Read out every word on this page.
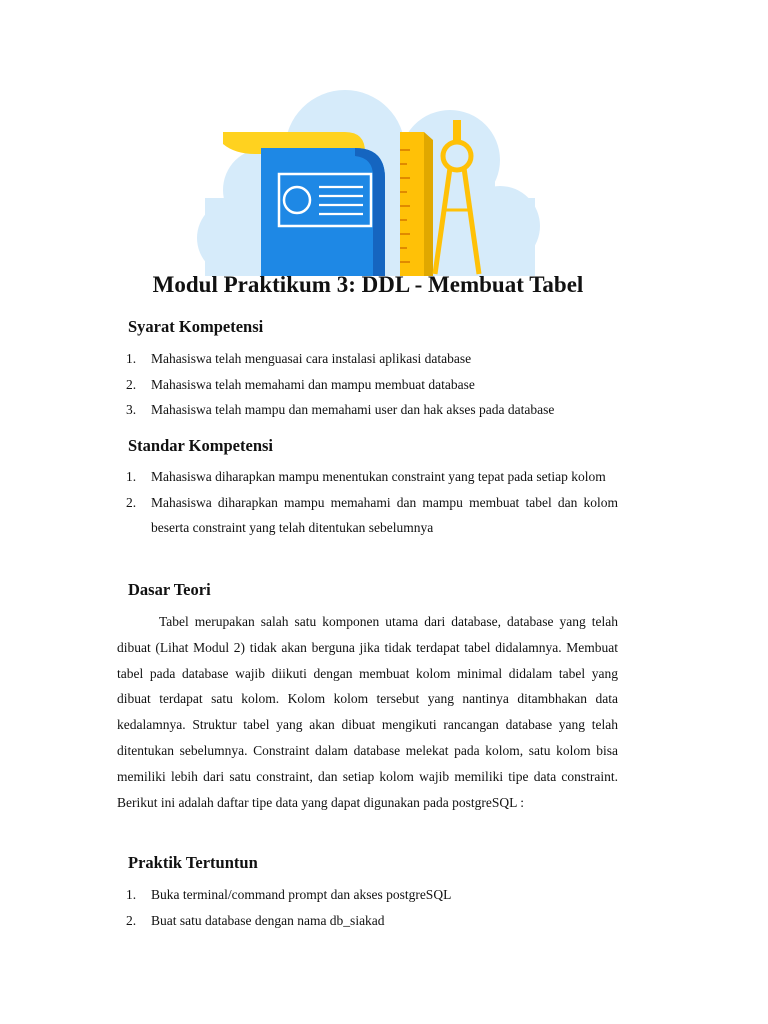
Modul Praktikum 3: DDL - Membuat Tabel
Syarat Kompetensi
1. Mahasiswa telah menguasai cara instalasi aplikasi database
2. Mahasiswa telah memahami dan mampu membuat database
3. Mahasiswa telah mampu dan memahami user dan hak akses pada database
Standar Kompetensi
1. Mahasiswa diharapkan mampu menentukan constraint yang tepat pada setiap kolom
2. Mahasiswa diharapkan mampu memahami dan mampu membuat tabel dan kolom beserta constraint yang telah ditentukan sebelumnya
Dasar Teori

Tabel merupakan salah satu komponen utama dari database, database yang telah dibuat (Lihat Modul 2) tidak akan berguna jika tidak terdapat tabel didalamnya. Membuat tabel pada database wajib diikuti dengan membuat kolom minimal didalam tabel yang dibuat terdapat satu kolom. Kolom kolom tersebut yang nantinya ditambhakan data kedalamnya. Struktur tabel yang akan dibuat mengikuti rancangan database yang telah ditentukan sebelumnya. Constraint dalam database melekat pada kolom, satu kolom bisa memiliki lebih dari satu constraint, dan setiap kolom wajib memiliki tipe data constraint. Berikut ini adalah daftar tipe data yang dapat digunakan pada postgreSQL :

Praktik Tertuntun
1. Buka terminal/command prompt dan akses postgreSQL
2. Buat satu database dengan nama db_siakad
